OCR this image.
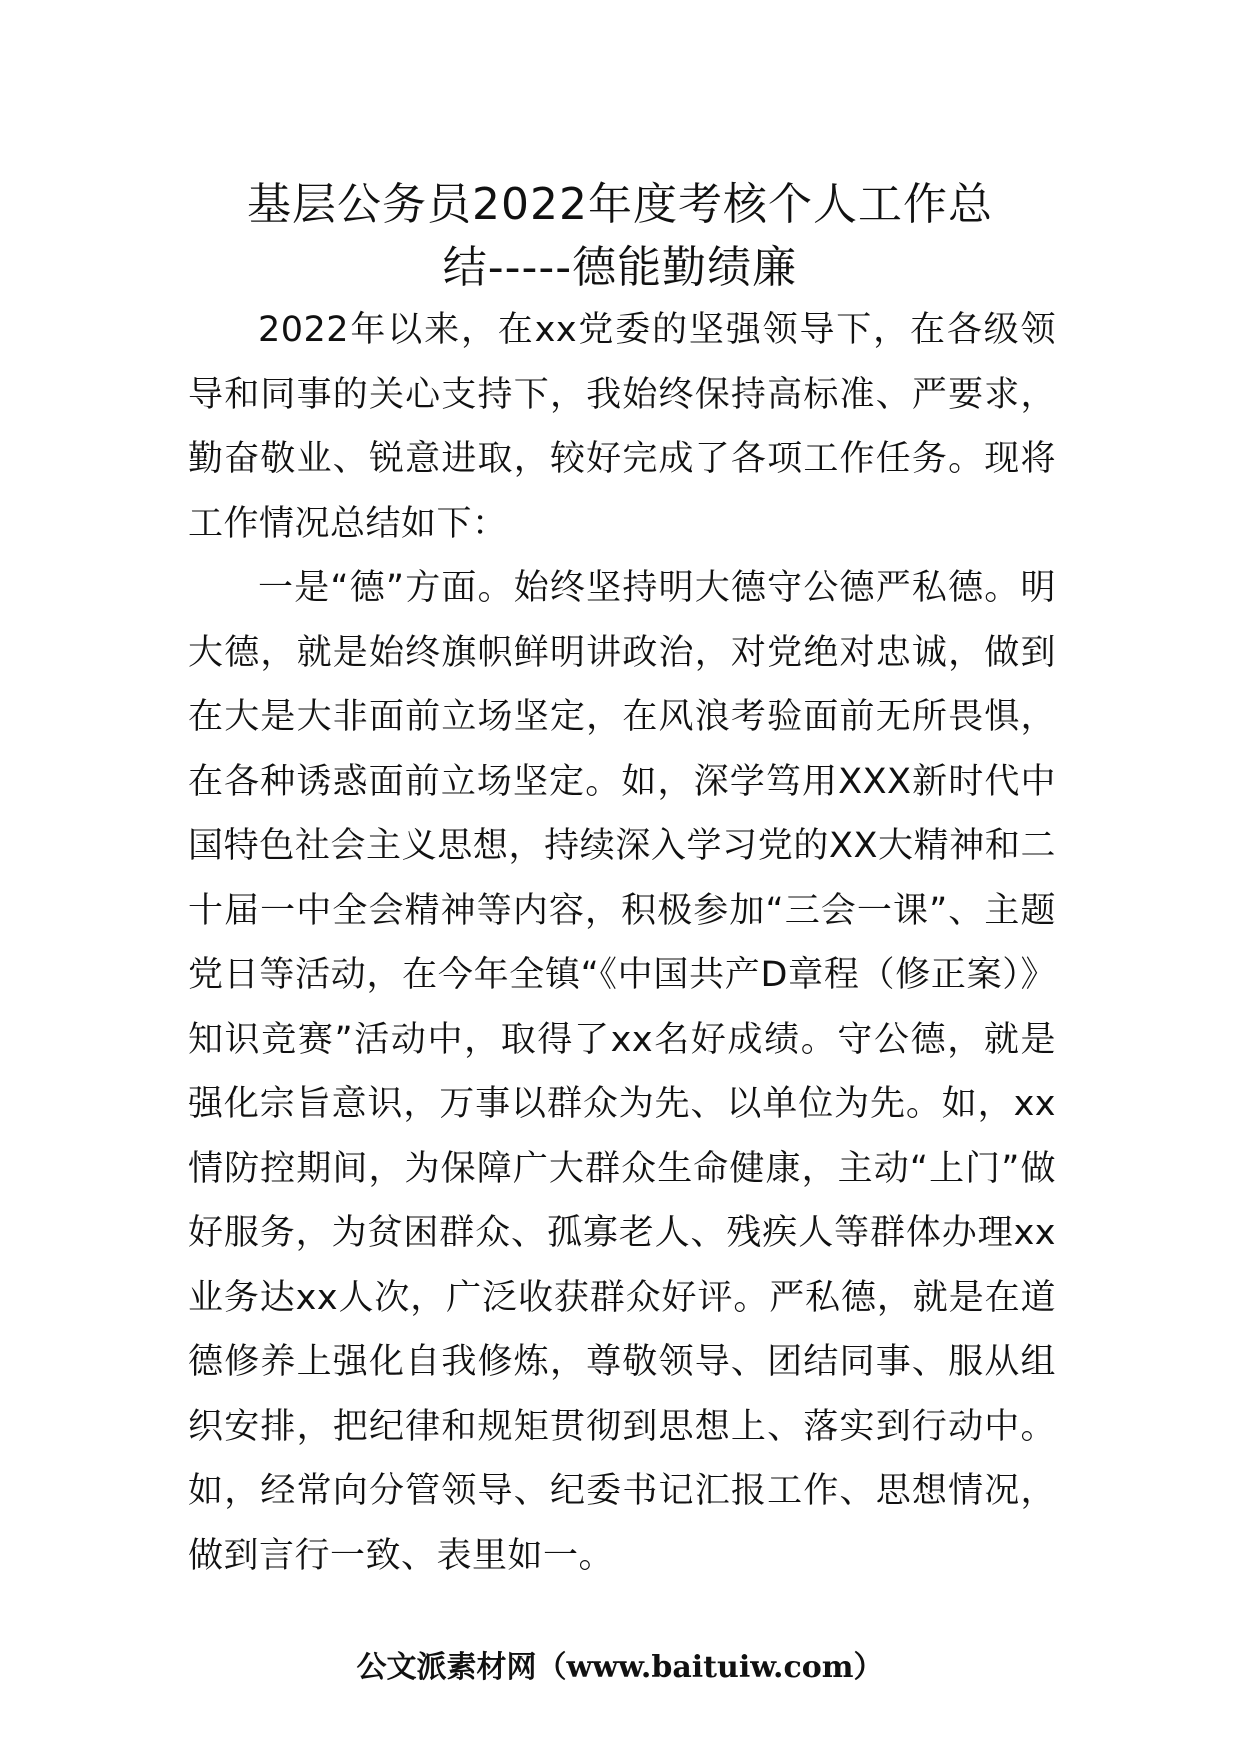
基层公务员2022年度考核个人工作总
结-----德能勤绩廉

2022年以来，在xx党委的坚强领导下，在各级领导和同事的关心支持下，我始终保持高标准、严要求，勤奋敬业、锐意进取，较好完成了各项工作任务。现将工作情况总结如下：

一是“德”方面。始终坚持明大德守公德严私德。明大德，就是始终旗帜鲜明讲政治，对党绝对忠诚，做到在大是大非面前立场坚定，在风浪考验面前无所畏惧，在各种诱惑面前立场坚定。如，深学笃用XXX新时代中国特色社会主义思想，持续深入学习党的XX大精神和二十届一中全会精神等内容，积极参加“三会一课”、主题党日等活动，在今年全镇“《中国共产D章程（修正案）》知识竞赛”活动中，取得了xx名好成绩。守公德，就是强化宗旨意识，万事以群众为先、以单位为先。如，xx情防控期间，为保障广大群众生命健康，主动“上门”做好服务，为贫困群众、孤寡老人、残疾人等群体办理xx业务达xx人次，广泛收获群众好评。严私德，就是在道德修养上强化自我修炼，尊敬领导、团结同事、服从组织安排，把纪律和规矩贯彻到思想上、落实到行动中。如，经常向分管领导、纪委书记汇报工作、思想情况，做到言行一致、表里如一。

公文派素材网（www.baituiw.com）
